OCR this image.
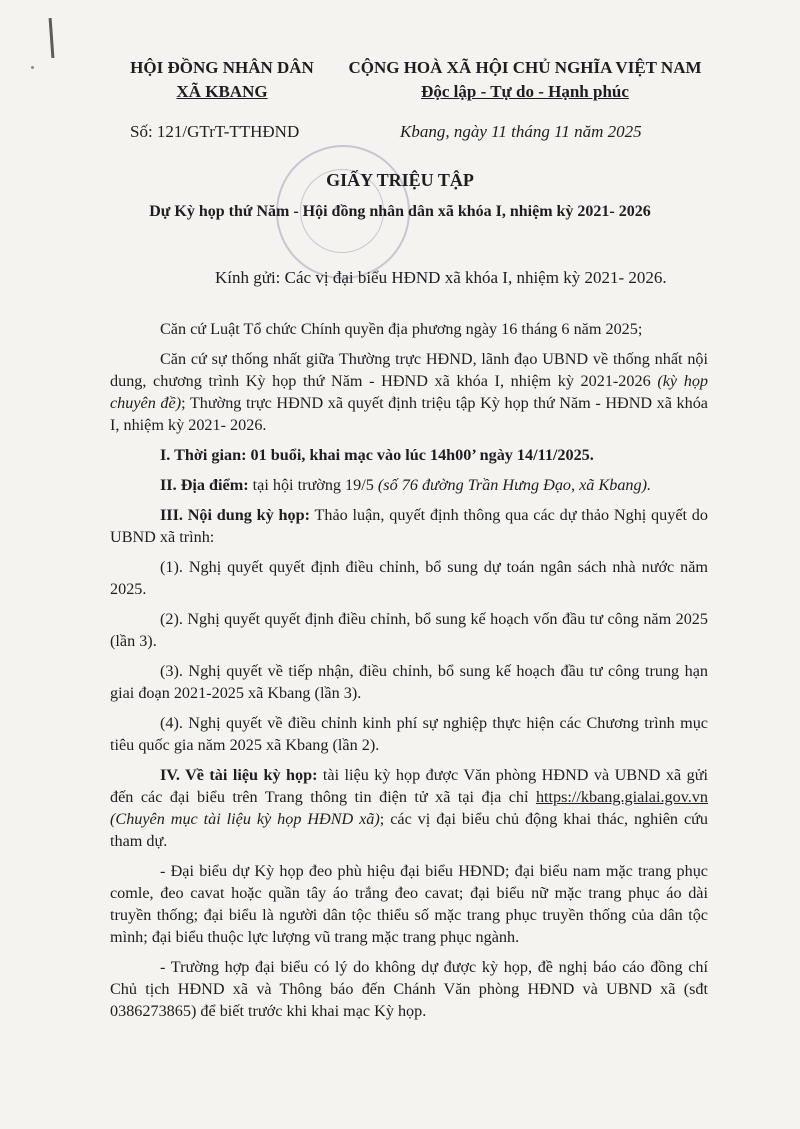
HỘI ĐỒNG NHÂN DÂN
XÃ KBANG
CỘNG HOÀ XÃ HỘI CHỦ NGHĨA VIỆT NAM
Độc lập - Tự do - Hạnh phúc
Số: 121/GTrT-TTHĐND	Kbang, ngày 11 tháng 11 năm 2025
GIẤY TRIỆU TẬP
Dự Kỳ họp thứ Năm - Hội đồng nhân dân xã khóa I, nhiệm kỳ 2021- 2026
Kính gửi: Các vị đại biểu HĐND xã khóa I, nhiệm kỳ 2021- 2026.

Căn cứ Luật Tổ chức Chính quyền địa phương ngày 16 tháng 6 năm 2025;

Căn cứ sự thống nhất giữa Thường trực HĐND, lãnh đạo UBND về thống nhất nội dung, chương trình Kỳ họp thứ Năm - HĐND xã khóa I, nhiệm kỳ 2021-2026 (kỳ họp chuyên đề); Thường trực HĐND xã quyết định triệu tập Kỳ họp thứ Năm - HĐND xã khóa I, nhiệm kỳ 2021- 2026.

I. Thời gian: 01 buổi, khai mạc vào lúc 14h00’ ngày 14/11/2025.

II. Địa điểm: tại hội trường 19/5 (số 76 đường Trần Hưng Đạo, xã Kbang).

III. Nội dung kỳ họp: Thảo luận, quyết định thông qua các dự thảo Nghị quyết do UBND xã trình:

(1). Nghị quyết quyết định điều chỉnh, bổ sung dự toán ngân sách nhà nước năm 2025.

(2). Nghị quyết quyết định điều chỉnh, bổ sung kế hoạch vốn đầu tư công năm 2025 (lần 3).

(3). Nghị quyết về tiếp nhận, điều chỉnh, bổ sung kế hoạch đầu tư công trung hạn giai đoạn 2021-2025 xã Kbang (lần 3).

(4). Nghị quyết về điều chỉnh kinh phí sự nghiệp thực hiện các Chương trình mục tiêu quốc gia năm 2025 xã Kbang (lần 2).

IV. Về tài liệu kỳ họp: tài liệu kỳ họp được Văn phòng HĐND và UBND xã gửi đến các đại biểu trên Trang thông tin điện tử xã tại địa chỉ https://kbang.gialai.gov.vn (Chuyên mục tài liệu kỳ họp HĐND xã); các vị đại biểu chủ động khai thác, nghiên cứu tham dự.

- Đại biểu dự Kỳ họp đeo phù hiệu đại biểu HĐND; đại biểu nam mặc trang phục comle, đeo cavat hoặc quần tây áo trắng đeo cavat; đại biểu nữ mặc trang phục áo dài truyền thống; đại biểu là người dân tộc thiểu số mặc trang phục truyền thống của dân tộc mình; đại biểu thuộc lực lượng vũ trang mặc trang phục ngành.

- Trường hợp đại biểu có lý do không dự được kỳ họp, đề nghị báo cáo đồng chí Chủ tịch HĐND xã và Thông báo đến Chánh Văn phòng HĐND và UBND xã (sđt 0386273865) để biết trước khi khai mạc Kỳ họp.
